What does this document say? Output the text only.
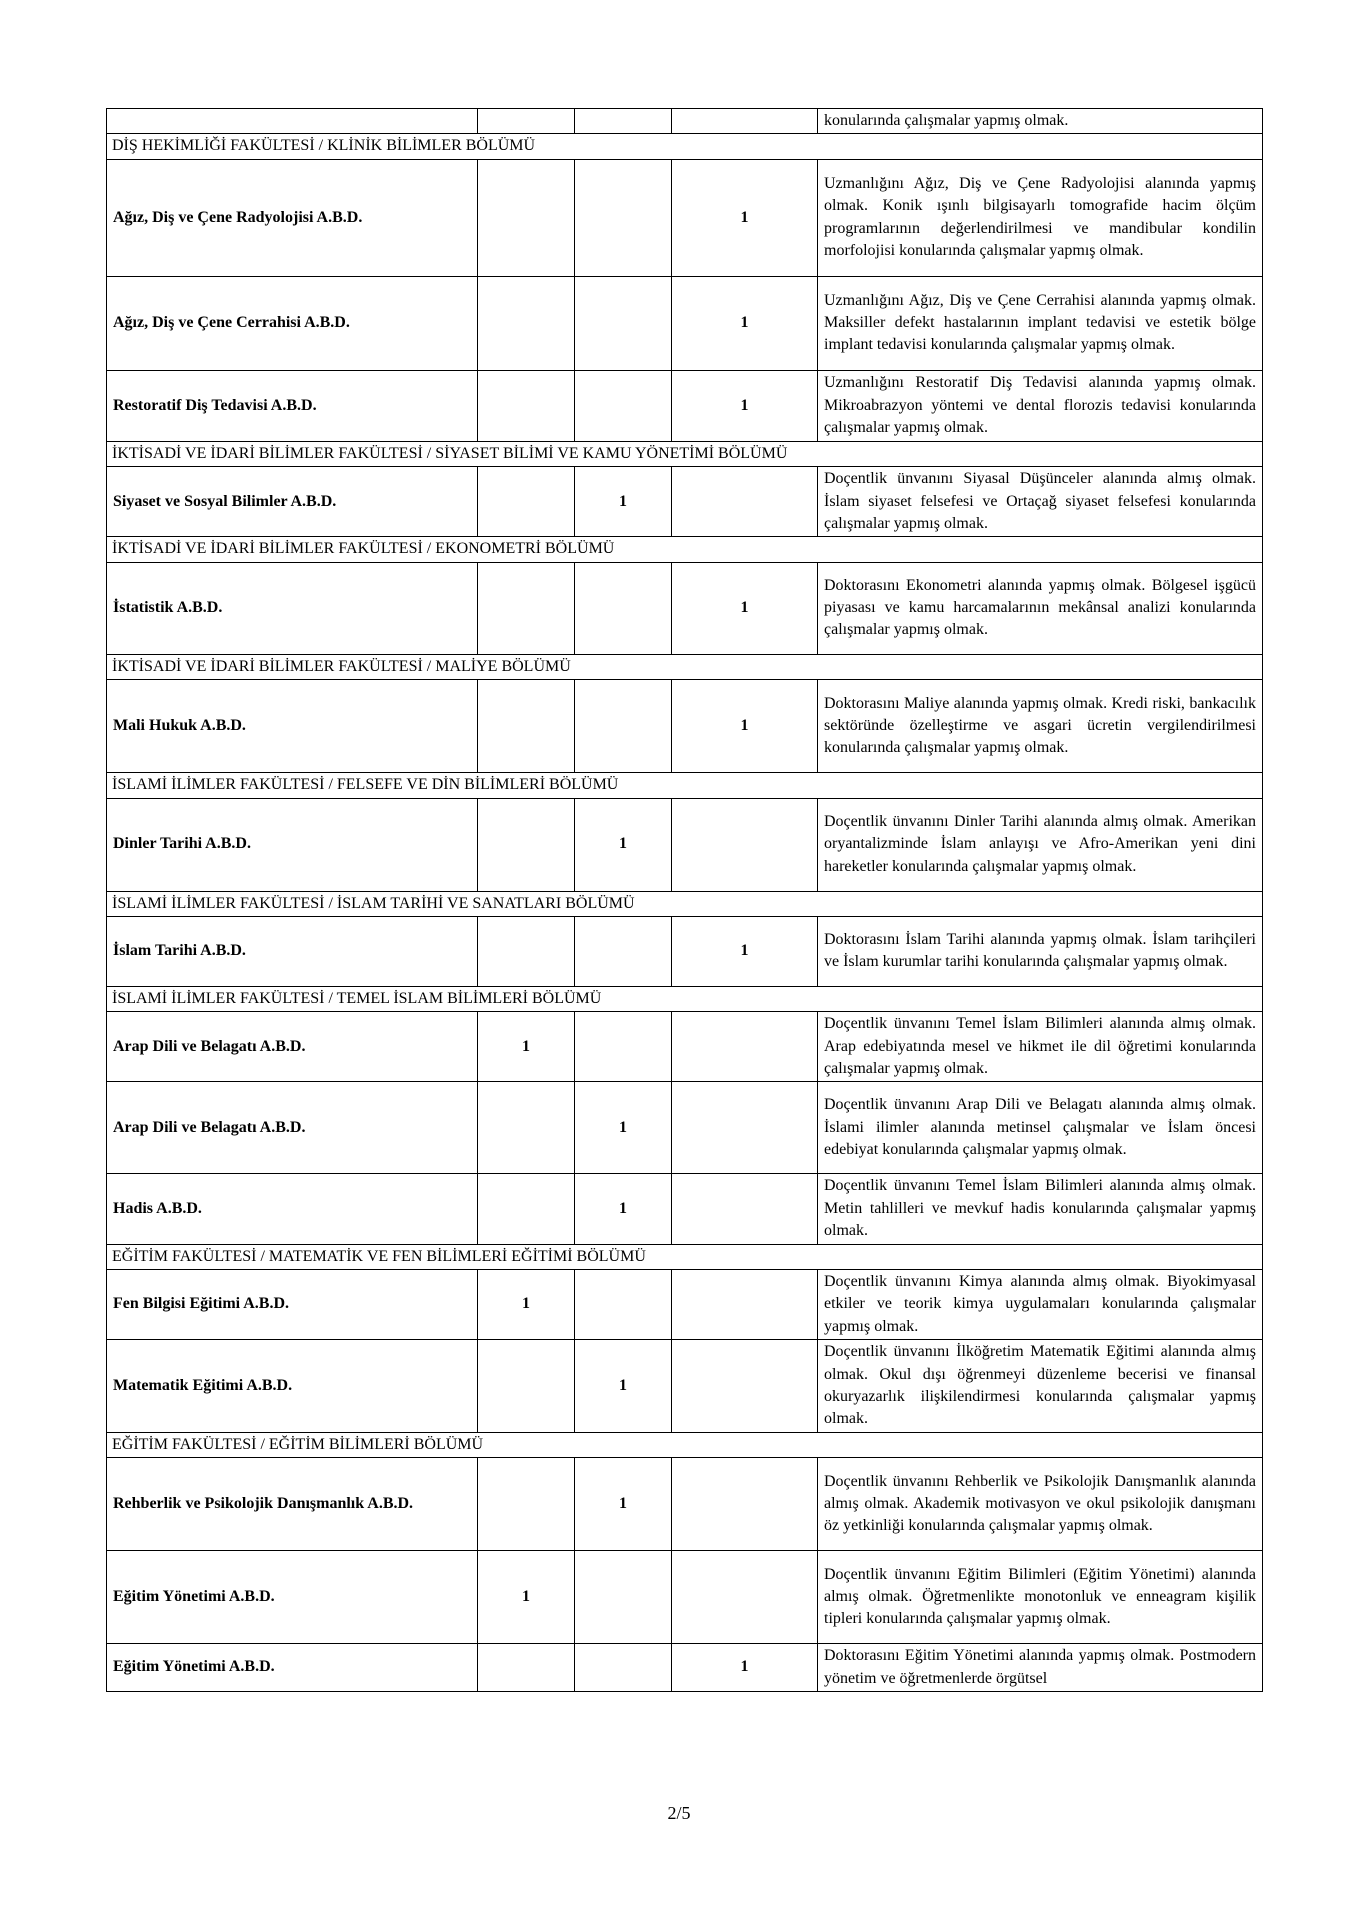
				konularında çalışmalar yapmış olmak.
DİŞ HEKİMLİĞİ FAKÜLTESİ / KLİNİK BİLİMLER BÖLÜMÜ				
Ağız, Diş ve Çene Radyolojisi A.B.D.			1	Uzmanlığını Ağız, Diş ve Çene Radyolojisi alanında yapmış olmak. Konik ışınlı bilgisayarlı tomografide hacim ölçüm programlarının değerlendirilmesi ve mandibular kondilin morfolojisi konularında çalışmalar yapmış olmak.
Ağız, Diş ve Çene Cerrahisi A.B.D.			1	Uzmanlığını Ağız, Diş ve Çene Cerrahisi alanında yapmış olmak. Maksiller defekt hastalarının implant tedavisi ve estetik bölge implant tedavisi konularında çalışmalar yapmış olmak.
Restoratif Diş Tedavisi A.B.D.			1	Uzmanlığını Restoratif Diş Tedavisi alanında yapmış olmak. Mikroabrazyon yöntemi ve dental florozis tedavisi konularında çalışmalar yapmış olmak.
İKTİSADİ VE İDARİ BİLİMLER FAKÜLTESİ / SİYASET BİLİMİ VE KAMU YÖNETİMİ BÖLÜMÜ				
Siyaset ve Sosyal Bilimler A.B.D.		1		Doçentlik ünvanını Siyasal Düşünceler alanında almış olmak. İslam siyaset felsefesi ve Ortaçağ siyaset felsefesi konularında çalışmalar yapmış olmak.
İKTİSADİ VE İDARİ BİLİMLER FAKÜLTESİ / EKONOMETRİ BÖLÜMÜ				
İstatistik A.B.D.			1	Doktorasını Ekonometri alanında yapmış olmak. Bölgesel işgücü piyasası ve kamu harcamalarının mekânsal analizi konularında çalışmalar yapmış olmak.
İKTİSADİ VE İDARİ BİLİMLER FAKÜLTESİ / MALİYE BÖLÜMÜ				
Mali Hukuk A.B.D.			1	Doktorasını Maliye alanında yapmış olmak. Kredi riski, bankacılık sektöründe özelleştirme ve asgari ücretin vergilendirilmesi konularında çalışmalar yapmış olmak.
İSLAMİ İLİMLER FAKÜLTESİ / FELSEFE VE DİN BİLİMLERİ BÖLÜMÜ				
Dinler Tarihi A.B.D.		1		Doçentlik ünvanını Dinler Tarihi alanında almış olmak. Amerikan oryantalizminde İslam anlayışı ve Afro-Amerikan yeni dini hareketler konularında çalışmalar yapmış olmak.
İSLAMİ İLİMLER FAKÜLTESİ / İSLAM TARİHİ VE SANATLARI BÖLÜMÜ				
İslam Tarihi A.B.D.			1	Doktorasını İslam Tarihi alanında yapmış olmak. İslam tarihçileri ve İslam kurumlar tarihi konularında çalışmalar yapmış olmak.
İSLAMİ İLİMLER FAKÜLTESİ / TEMEL İSLAM BİLİMLERİ BÖLÜMÜ				
Arap Dili ve Belagatı A.B.D.	1			Doçentlik ünvanını Temel İslam Bilimleri alanında almış olmak. Arap edebiyatında mesel ve hikmet ile dil öğretimi konularında çalışmalar yapmış olmak.
Arap Dili ve Belagatı A.B.D.		1		Doçentlik ünvanını Arap Dili ve Belagatı alanında almış olmak. İslami ilimler alanında metinsel çalışmalar ve İslam öncesi edebiyat konularında çalışmalar yapmış olmak.
Hadis A.B.D.		1		Doçentlik ünvanını Temel İslam Bilimleri alanında almış olmak. Metin tahlilleri ve mevkuf hadis konularında çalışmalar yapmış olmak.
EĞİTİM FAKÜLTESİ / MATEMATİK VE FEN BİLİMLERİ EĞİTİMİ BÖLÜMÜ				
Fen Bilgisi Eğitimi A.B.D.	1			Doçentlik ünvanını Kimya alanında almış olmak. Biyokimyasal etkiler ve teorik kimya uygulamaları konularında çalışmalar yapmış olmak.
Matematik Eğitimi A.B.D.		1		Doçentlik ünvanını İlköğretim Matematik Eğitimi alanında almış olmak. Okul dışı öğrenmeyi düzenleme becerisi ve finansal okuryazarlık ilişkilendirmesi konularında çalışmalar yapmış olmak.
EĞİTİM FAKÜLTESİ / EĞİTİM BİLİMLERİ BÖLÜMÜ				
Rehberlik ve Psikolojik Danışmanlık A.B.D.		1		Doçentlik ünvanını Rehberlik ve Psikolojik Danışmanlık alanında almış olmak. Akademik motivasyon ve okul psikolojik danışmanı öz yetkinliği konularında çalışmalar yapmış olmak.
Eğitim Yönetimi A.B.D.	1			Doçentlik ünvanını Eğitim Bilimleri (Eğitim Yönetimi) alanında almış olmak. Öğretmenlikte monotonluk ve enneagram kişilik tipleri konularında çalışmalar yapmış olmak.
Eğitim Yönetimi A.B.D.			1	Doktorasını Eğitim Yönetimi alanında yapmış olmak. Postmodern yönetim ve öğretmenlerde örgütsel
2/5
